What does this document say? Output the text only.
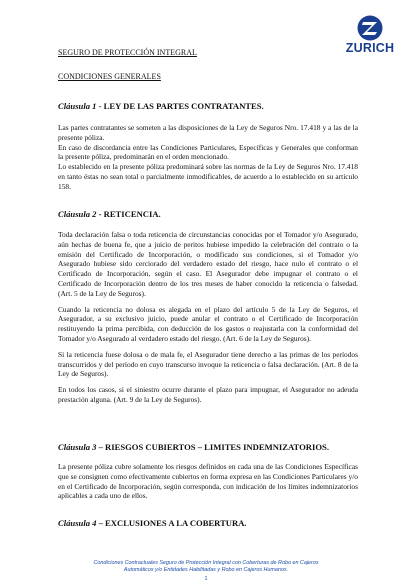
ZURICH
SEGURO DE PROTECCIÓN INTEGRAL
CONDICIONES GENERALES
Cláusula 1 - LEY DE LAS PARTES CONTRATANTES.

Las partes contratantes se someten a las disposiciones de la Ley de Seguros Nro. 17.418 y a las de la presente póliza.

En caso de discordancia entre las Condiciones Particulares, Específicas y Generales que conforman la presente póliza, predominarán en el orden mencionado.

Lo establecido en la presente póliza predominará sobre las normas de la Ley de Seguros Nro. 17.418 en tanto éstas no sean total o parcialmente inmodificables, de acuerdo a lo establecido en su artículo 158.

Cláusula 2 - RETICENCIA.

Toda declaración falsa o toda reticencia de circunstancias conocidas por el Tomador y/o Asegurado, aún hechas de buena fe, que a juicio de peritos hubiese impedido la celebración del contrato o la emisión del Certificado de Incorporación, o modificado sus condiciones, si el Tomador y/o Asegurado hubiese sido cerciorado del verdadero estado del riesgo, hace nulo el contrato o el Certificado de Incorporación, según el caso. El Asegurador debe impugnar el contrato o el Certificado de Incorporación dentro de los tres meses de haber conocido la reticencia o falsedad. (Art. 5 de la Ley de Seguros).

Cuando la reticencia no dolosa es alegada en el plazo del artículo 5 de la Ley de Seguros, el Asegurador, a su exclusivo juicio, puede anular el contrato o el Certificado de Incorporación restituyendo la prima percibida, con deducción de los gastos o reajustarla con la conformidad del Tomador y/o Asegurado al verdadero estado del riesgo. (Art. 6 de la Ley de Seguros).

Si la reticencia fuese dolosa o de mala fe, el Asegurador tiene derecho a las primas de los períodos transcurridos y del período en cuyo transcurso invoque la reticencia o falsa declaración. (Art. 8 de la Ley de Seguros).

En todos los casos, si el siniestro ocurre durante el plazo para impugnar, el Asegurador no adeuda prestación alguna. (Art. 9 de la Ley de Seguros).

Cláusula 3 – RIESGOS CUBIERTOS – LIMITES INDEMNIZATORIOS.

La presente póliza cubre solamente los riesgos definidos en cada una de las Condiciones Específicas que se consignen como efectivamente cubiertos en forma expresa en las Condiciones Particulares y/o en el Certificado de Incorporación, según corresponda, con indicación de los límites indemnizatorios aplicables a cada uno de ellos.

Cláusula 4 – EXCLUSIONES A LA COBERTURA.
Condiciones Contractuales Seguro de Protección Integral con Coberturas de Robo en Cajeros
Automáticos y/o Entidades Habilitadas y Robo en Cajeros Humanos.
1
